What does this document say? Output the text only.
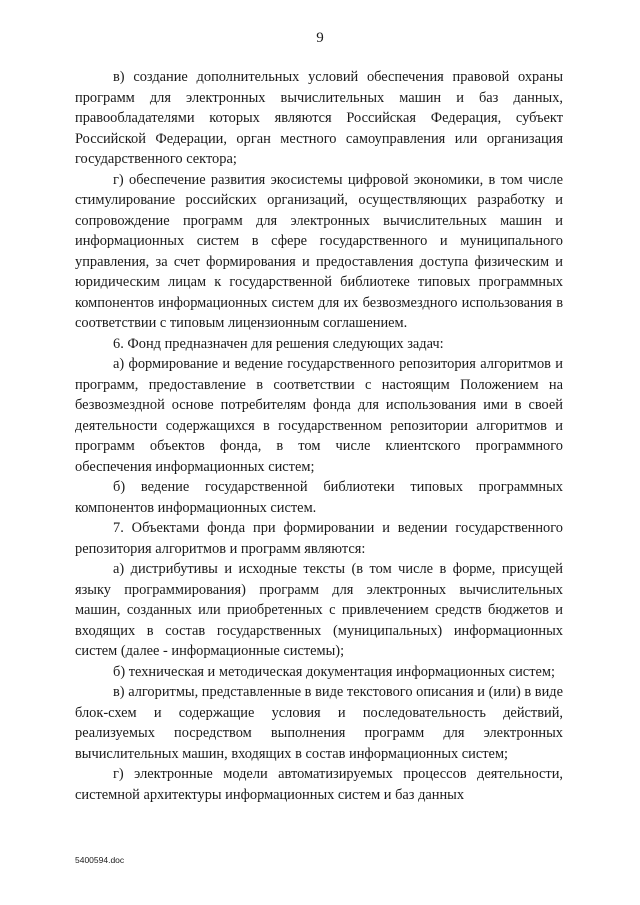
9

в) создание дополнительных условий обеспечения правовой охраны программ для электронных вычислительных машин и баз данных, правообладателями которых являются Российская Федерация, субъект Российской Федерации, орган местного самоуправления или организация государственного сектора;

г) обеспечение развития экосистемы цифровой экономики, в том числе стимулирование российских организаций, осуществляющих разработку и сопровождение программ для электронных вычислительных машин и информационных систем в сфере государственного и муниципального управления, за счет формирования и предоставления доступа физическим и юридическим лицам к государственной библиотеке типовых программных компонентов информационных систем для их безвозмездного использования в соответствии с типовым лицензионным соглашением.

6. Фонд предназначен для решения следующих задач:

а) формирование и ведение государственного репозитория алгоритмов и программ, предоставление в соответствии с настоящим Положением на безвозмездной основе потребителям фонда для использования ими в своей деятельности содержащихся в государственном репозитории алгоритмов и программ объектов фонда, в том числе клиентского программного обеспечения информационных систем;

б) ведение государственной библиотеки типовых программных компонентов информационных систем.

7. Объектами фонда при формировании и ведении государственного репозитория алгоритмов и программ являются:

а) дистрибутивы и исходные тексты (в том числе в форме, присущей языку программирования) программ для электронных вычислительных машин, созданных или приобретенных с привлечением средств бюджетов и входящих в состав государственных (муниципальных) информационных систем (далее - информационные системы);

б) техническая и методическая документация информационных систем;

в) алгоритмы, представленные в виде текстового описания и (или) в виде блок-схем и содержащие условия и последовательность действий, реализуемых посредством выполнения программ для электронных вычислительных машин, входящих в состав информационных систем;

г) электронные модели автоматизируемых процессов деятельности, системной архитектуры информационных систем и баз данных

5400594.doc
